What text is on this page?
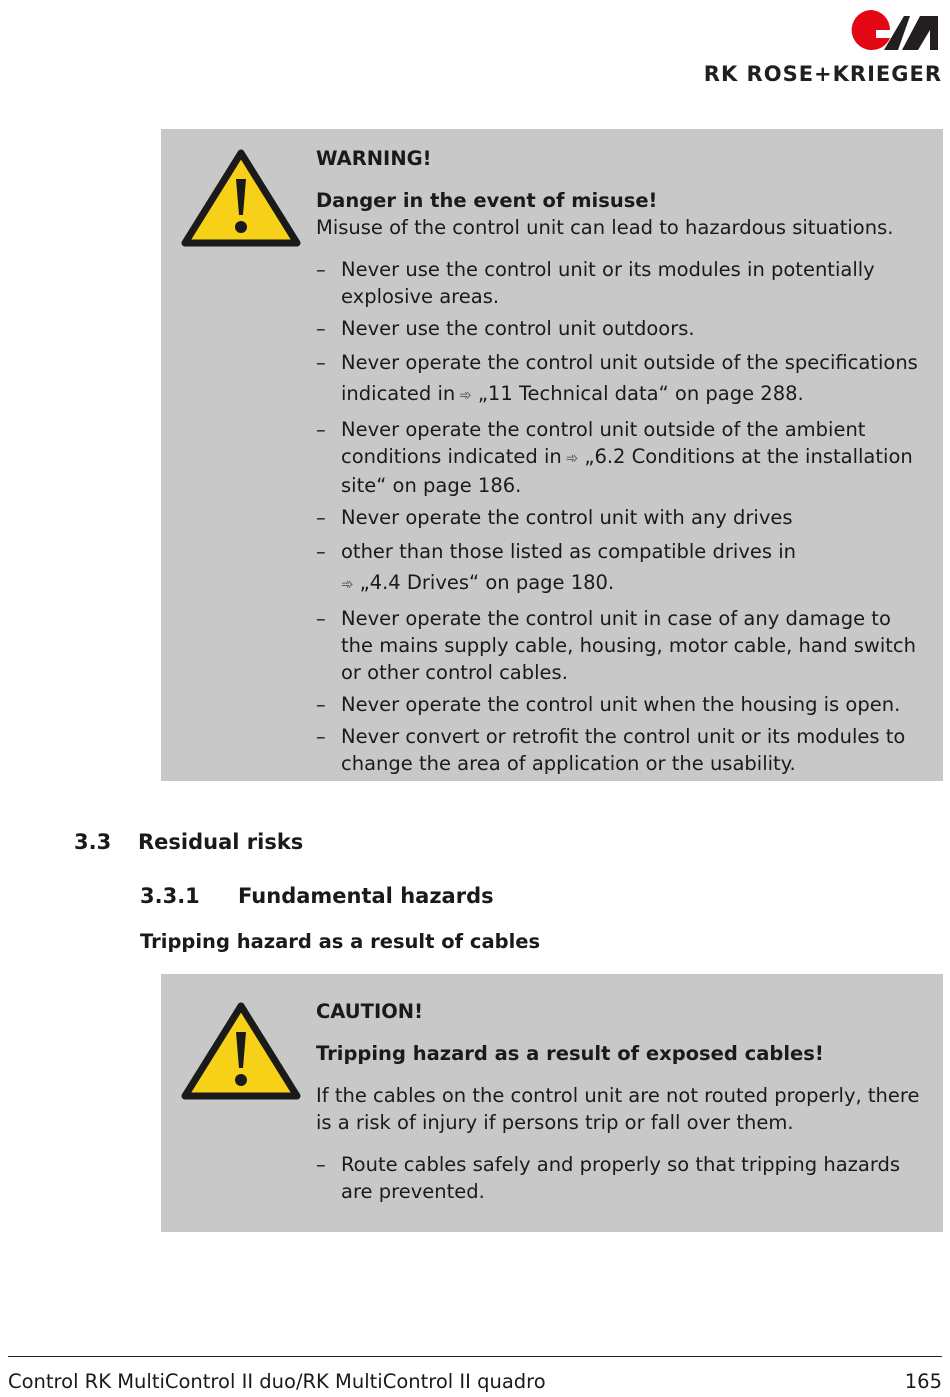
RK ROSE+KRIEGER
WARNING!
Danger in the event of misuse!
Misuse of the control unit can lead to hazardous situations.
– Never use the control unit or its modules in potentially explosive areas.
– Never use the control unit outdoors.
– Never operate the control unit outside of the specifications indicated in ➾ „11 Technical data“ on page 288.
– Never operate the control unit outside of the ambient conditions indicated in ➾ „6.2 Conditions at the installation site“ on page 186.
– Never operate the control unit with any drives
– other than those listed as compatible drives in
➾ „4.4 Drives“ on page 180.
– Never operate the control unit in case of any damage to the mains supply cable, housing, motor cable, hand switch or other control cables.
– Never operate the control unit when the housing is open.
– Never convert or retrofit the control unit or its modules to change the area of application or the usability.
3.3 Residual risks
3.3.1 Fundamental hazards
Tripping hazard as a result of cables
CAUTION!
Tripping hazard as a result of exposed cables!
If the cables on the control unit are not routed properly, there is a risk of injury if persons trip or fall over them.
– Route cables safely and properly so that tripping hazards are prevented.
Control RK MultiControl II duo/RK MultiControl II quadro	165
